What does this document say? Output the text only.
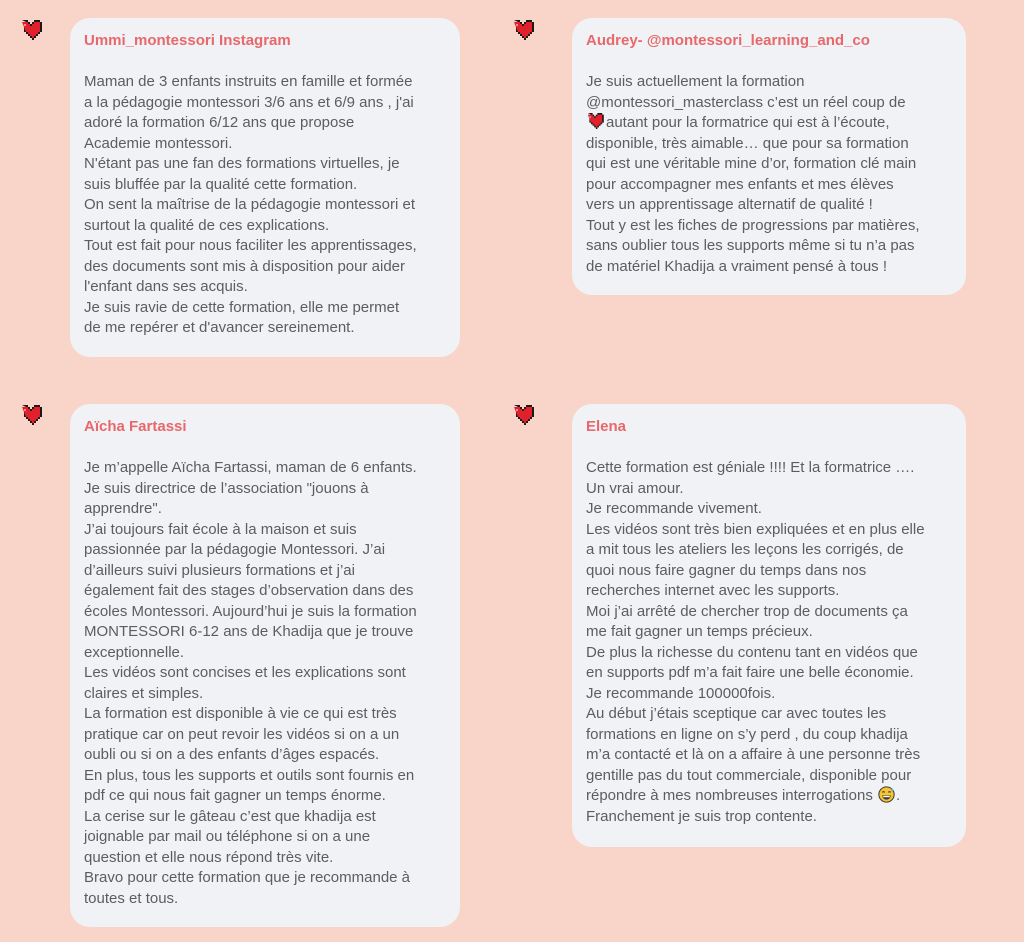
Ummi_montessori Instagram
Maman de 3 enfants instruits en famille et formée
a la pédagogie montessori 3/6 ans et 6/9 ans , j'ai
adoré la formation 6/12 ans que propose
Academie montessori.
N'étant pas une fan des formations virtuelles, je
suis bluffée par la qualité cette formation.
On sent la maîtrise de la pédagogie montessori et
surtout la qualité de ces explications.
Tout est fait pour nous faciliter les apprentissages,
des documents sont mis à disposition pour aider
l'enfant dans ses acquis.
Je suis ravie de cette formation, elle me permet
de me repérer et d'avancer sereinement.
Audrey- @montessori_learning_and_co
Je suis actuellement la formation
@montessori_masterclass c’est un réel coup de
autant pour la formatrice qui est à l’écoute,
disponible, très aimable… que pour sa formation
qui est une véritable mine d’or, formation clé main
pour accompagner mes enfants et mes élèves
vers un apprentissage alternatif de qualité !
Tout y est les fiches de progressions par matières,
sans oublier tous les supports même si tu n’a pas
de matériel Khadija a vraiment pensé à tous !
Aïcha Fartassi
Je m’appelle Aïcha Fartassi, maman de 6 enfants.
Je suis directrice de l’association "jouons à
apprendre".
J’ai toujours fait école à la maison et suis
passionnée par la pédagogie Montessori. J’ai
d’ailleurs suivi plusieurs formations et j’ai
également fait des stages d’observation dans des
écoles Montessori. Aujourd’hui je suis la formation
MONTESSORI 6-12 ans de Khadija que je trouve
exceptionnelle.
Les vidéos sont concises et les explications sont
claires et simples.
La formation est disponible à vie ce qui est très
pratique car on peut revoir les vidéos si on a un
oubli ou si on a des enfants d’âges espacés.
En plus, tous les supports et outils sont fournis en
pdf ce qui nous fait gagner un temps énorme.
La cerise sur le gâteau c’est que khadija est
joignable par mail ou téléphone si on a une
question et elle nous répond très vite.
Bravo pour cette formation que je recommande à
toutes et tous.
Elena
Cette formation est géniale !!!! Et la formatrice ….
Un vrai amour.
Je recommande vivement.
Les vidéos sont très bien expliquées et en plus elle
a mit tous les ateliers les leçons les corrigés, de
quoi nous faire gagner du temps dans nos
recherches internet avec les supports.
Moi j’ai arrêté de chercher trop de documents ça
me fait gagner un temps précieux.
De plus la richesse du contenu tant en vidéos que
en supports pdf m’a fait faire une belle économie.
Je recommande 100000fois.
Au début j’étais sceptique car avec toutes les
formations en ligne on s’y perd , du coup khadija
m’a contacté et là on a affaire à une personne très
gentille pas du tout commerciale, disponible pour
répondre à mes nombreuses interrogations .
Franchement je suis trop contente.
